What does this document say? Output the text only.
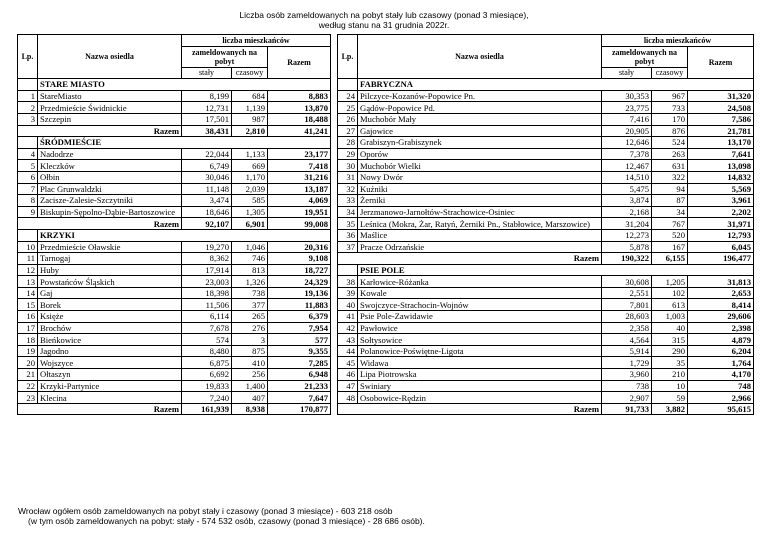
Liczba osób zameldowanych na pobyt stały lub czasowy (ponad 3 miesiące),
według stanu na 31 grudnia 2022r.
Lp.	Nazwa osiedla	liczba mieszkańców		
		zameldowanych na pobyt		Razem
		stały	czasowy	
	STARE MIASTO			
1	StareMiasto	8,199	684	8,883
2	Przedmieście Świdnickie	12,731	1,139	13,870
3	Szczepin	17,501	987	18,488
Razem		38,431	2,810	41,241
	ŚRÓDMIEŚCIE			
4	Nadodrze	22,044	1,133	23,177
5	Kleczków	6,749	669	7,418
6	Ołbin	30,046	1,170	31,216
7	Plac Grunwaldzki	11,148	2,039	13,187
8	Zacisze-Zalesie-Szczytniki	3,474	585	4,069
9	Biskupin-Sępolno-Dąbie-Bartoszowice	18,646	1,305	19,951
Razem		92,107	6,901	99,008
	KRZYKI			
10	Przedmieście Oławskie	19,270	1,046	20,316
11	Tarnogaj	8,362	746	9,108
12	Huby	17,914	813	18,727
13	Powstańców Śląskich	23,003	1,326	24,329
14	Gaj	18,398	738	19,136
15	Borek	11,506	377	11,883
16	Księże	6,114	265	6,379
17	Brochów	7,678	276	7,954
18	Bieńkowice	574	3	577
19	Jagodno	8,480	875	9,355
20	Wojszyce	6,875	410	7,285
21	Ołtaszyn	6,692	256	6,948
22	Krzyki-Partynice	19,833	1,400	21,233
23	Klecina	7,240	407	7,647
Razem		161,939	8,938	170,877
Lp.	Nazwa osiedla	liczba mieszkańców		
		zameldowanych na pobyt		Razem
		stały	czasowy	
	FABRYCZNA			
24	Pilczyce-Kozanów-Popowice Pn.	30,353	967	31,320
25	Gądów-Popowice Pd.	23,775	733	24,508
26	Muchobór Mały	7,416	170	7,586
27	Gajowice	20,905	876	21,781
28	Grabiszyn-Grabiszynek	12,646	524	13,170
29	Oporów	7,378	263	7,641
30	Muchobór Wielki	12,467	631	13,098
31	Nowy Dwór	14,510	322	14,832
32	Kuźniki	5,475	94	5,569
33	Żerniki	3,874	87	3,961
34	Jerzmanowo-Jarnołtów-Strachowice-Osiniec	2,168	34	2,202
35	Leśnica (Mokra, Żar, Ratyń, Żerniki Pn., Stabłowice, Marszowice)	31,204	767	31,971
36	Maślice	12,273	520	12,793
37	Pracze Odrzańskie	5,878	167	6,045
Razem		190,322	6,155	196,477
	PSIE POLE			
38	Karłowice-Różanka	30,608	1,205	31,813
39	Kowale	2,551	102	2,653
40	Swojczyce-Strachocin-Wojnów	7,801	613	8,414
41	Psie Pole-Zawidawie	28,603	1,003	29,606
42	Pawłowice	2,358	40	2,398
43	Sołtysowice	4,564	315	4,879
44	Polanowice-Poświętne-Ligota	5,914	290	6,204
45	Widawa	1,729	35	1,764
46	Lipa Piotrowska	3,960	210	4,170
47	Swiniary	738	10	748
48	Osobowice-Rędzin	2,907	59	2,966
Razem		91,733	3,882	95,615
Wrocław ogółem osób zameldowanych na pobyt stały i czasowy (ponad 3 miesiące) - 603 218 osób
(w tym osób zameldowanych na pobyt: stały - 574 532 osób, czasowy (ponad 3 miesiące) - 28 686 osób).
